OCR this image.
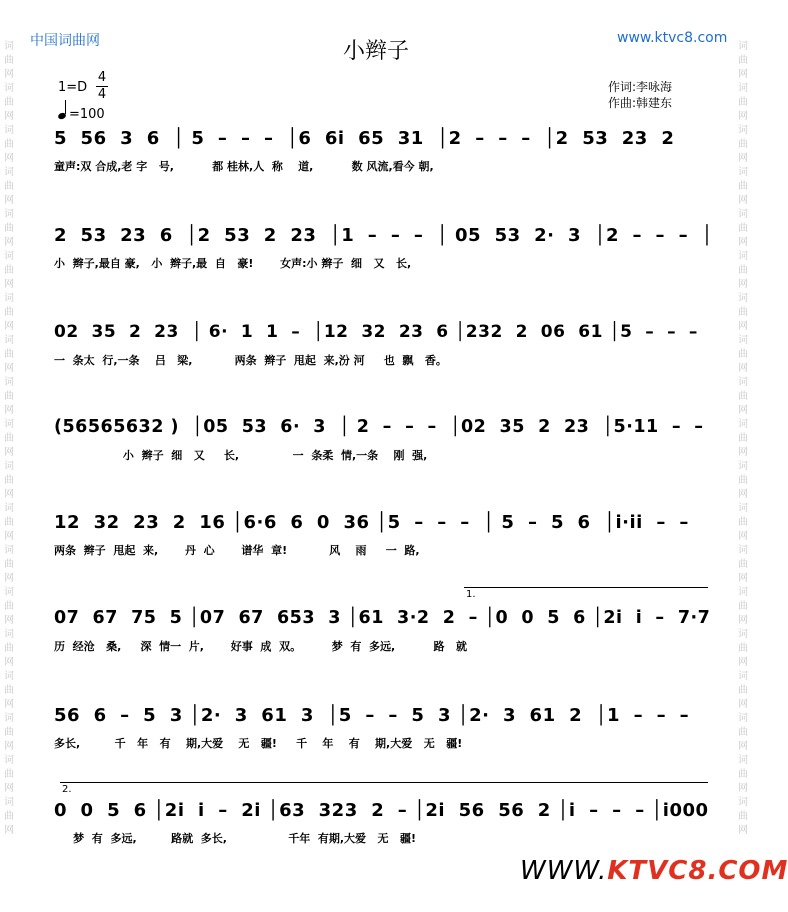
词
曲
网
词
曲
网
词
曲
网
词
曲
网
词
曲
网
词
曲
网
词
曲
网
词
曲
网
词
曲
网
词
曲
网
词
曲
网
词
曲
网
词
曲
网
词
曲
网
词
曲
网
词
曲
网
词
曲
网
词
曲
网
词
曲
网
词
曲
网
词
曲
网
词
曲
网
词
曲
网
词
曲
网
词
曲
网
词
曲
网
词
曲
网
词
曲
网
词
曲
网
词
曲
网
词
曲
网
词
曲
网
词
曲
网
词
曲
网
词
曲
网
词
曲
网
词
曲
网
词
曲
网
中国词曲网	www.ktvc8.com
小辫子
作词:李咏海
作曲:韩建东
1=D
4
4
=100
5  56  3  6  │ 5  –  –  –  │6  6i  65  31  │2  –  –  –  │2  53  23  2
童声:双 合成,老 字   号,          都 桂林,人  称    道,          数 风流,看今 朝,
2  53  23  6  │2  53  2  23  │1  –  –  –  │ 05  53  2·  3  │2  –  –  –  │
小  辫子,最自 豪,   小  辫子,最  自   豪!       女声:小 辫子  细   又   长,
02  35  2  23  │ 6·  1  1  –  │12  32  23  6 │232  2  06  61 │5  –  –  –
一  条太  行,一条    吕   梁,           两条  辫子  甩起  来,汾 河     也  飘   香。
(56565632 )  │05  53  6·  3  │ 2  –  –  –  │02  35  2  23  │5·11  –  –
小  辫子  细   又     长,              一  条柔  情,一条    刚  强,
12  32  23  2  16 │6·6  6  0  36 │5  –  –  –  │ 5  –  5  6  │i·ii  –  –
两条  辫子  甩起  来,       丹  心       谱华  章!           风    雨     一  路,
07  67  75  5 │07  67  653  3 │61  3·2  2  – │0  0  5  6 │2i  i  –  7·7
历  经沧   桑,     深  情一  片,       好事  成  双。        梦  有  多远,          路   就
56  6  –  5  3 │2·  3  61  3  │5  –  –  5  3 │2·  3  61  2  │1  –  –  –
多长,         千   年   有    期,大爱    无   疆!     千    年    有    期,大爱   无   疆!
0  0  5  6 │2i  i  –  2i │63  323  2  – │2i  56  56  2 │i  –  –  – │i000
梦  有  多远,         路就  多长,                千年  有期,大爱   无   疆!
1.
2.
WWW.KTVC8.COM
